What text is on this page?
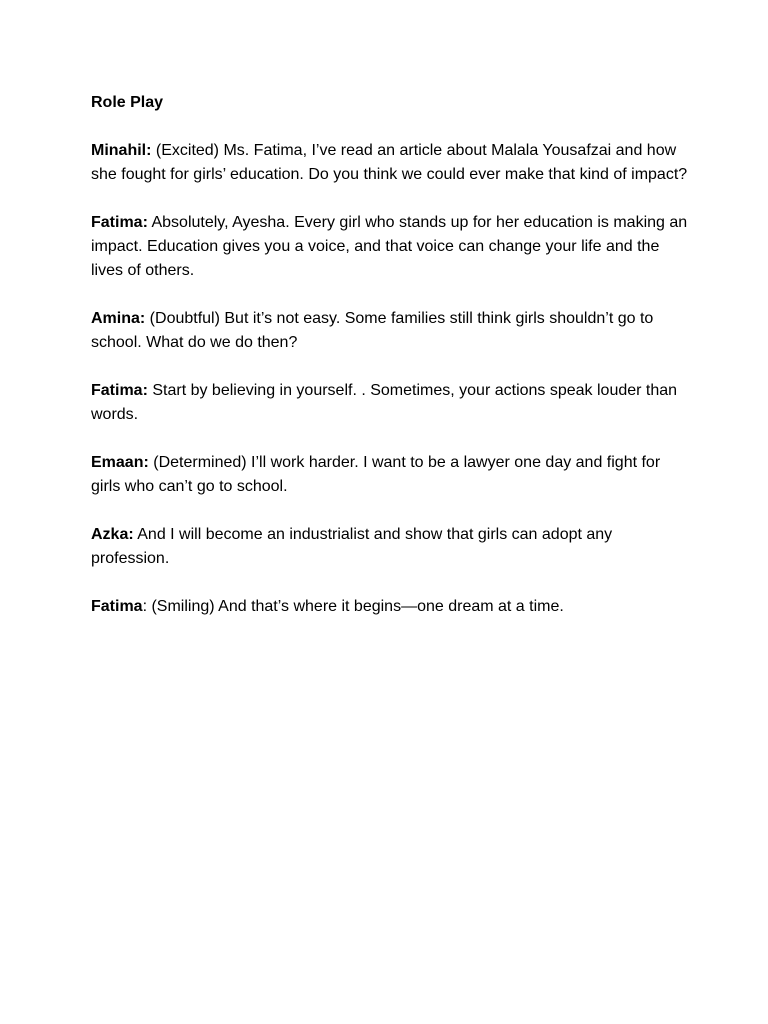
Role Play

Minahil: (Excited) Ms. Fatima, I’ve read an article about Malala Yousafzai and how she fought for girls’ education. Do you think we could ever make that kind of impact?

Fatima: Absolutely, Ayesha. Every girl who stands up for her education is making an impact. Education gives you a voice, and that voice can change your life and the lives of others.

Amina: (Doubtful) But it’s not easy. Some families still think girls shouldn’t go to school. What do we do then?

Fatima: Start by believing in yourself. . Sometimes, your actions speak louder than words.

Emaan: (Determined) I’ll work harder. I want to be a lawyer one day and fight for girls who can’t go to school.

Azka: And I will become an industrialist and show that girls can adopt any profession.

Fatima: (Smiling) And that’s where it begins—one dream at a time.
